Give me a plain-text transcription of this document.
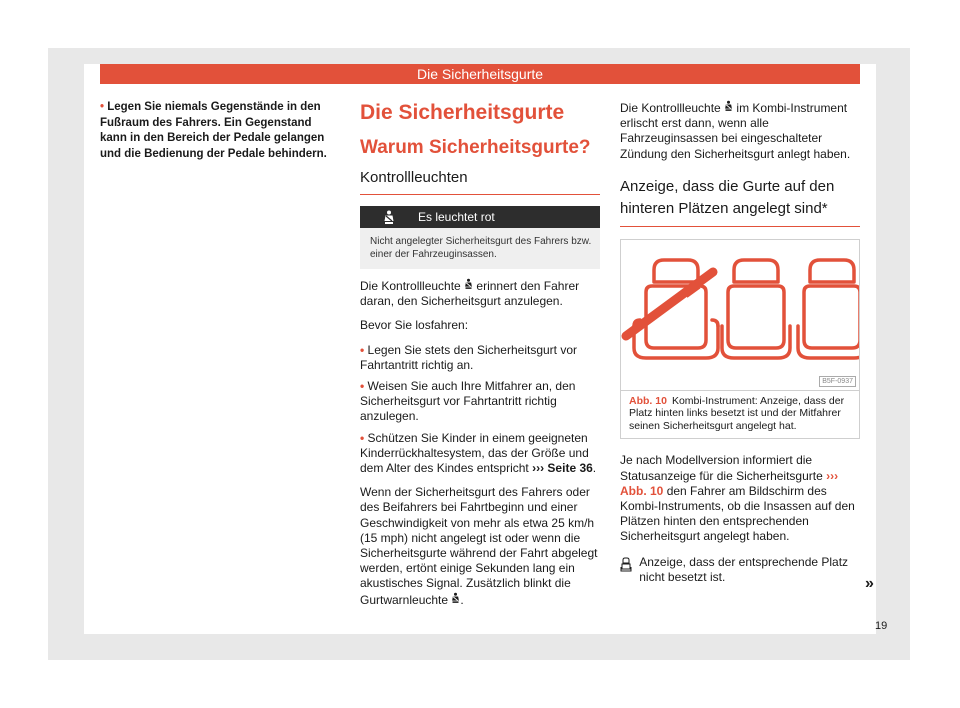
Die Sicherheitsgurte

• Legen Sie niemals Gegenstände in den Fußraum des Fahrers. Ein Gegenstand kann in den Bereich der Pedale gelangen und die Bedienung der Pedale behindern.

Die Sicherheitsgurte
Warum Sicherheitsgurte?
Kontrollleuchten
Es leuchtet rot
Nicht angelegter Sicherheitsgurt des Fahrers bzw. einer der Fahrzeuginsassen.

Die Kontrollleuchte erinnert den Fahrer daran, den Sicherheitsgurt anzulegen.

Bevor Sie losfahren:

• Legen Sie stets den Sicherheitsgurt vor Fahrtantritt richtig an.

• Weisen Sie auch Ihre Mitfahrer an, den Sicherheitsgurt vor Fahrtantritt richtig anzulegen.

• Schützen Sie Kinder in einem geeigneten Kinderrückhaltesystem, das der Größe und dem Alter des Kindes entspricht ››› Seite 36.

Wenn der Sicherheitsgurt des Fahrers oder des Beifahrers bei Fahrtbeginn und einer Geschwindigkeit von mehr als etwa 25 km/h (15 mph) nicht angelegt ist oder wenn die Sicherheitsgurte während der Fahrt abgelegt werden, ertönt einige Sekunden lang ein akustisches Signal. Zusätzlich blinkt die Gurtwarnleuchte .

Die Kontrollleuchte im Kombi-Instrument erlischt erst dann, wenn alle Fahrzeuginsassen bei eingeschalteter Zündung den Sicherheitsgurt anlegt haben.

Anzeige, dass die Gurte auf den hinteren Plätzen angelegt sind*
B5F-0937
Abb. 10 Kombi-Instrument: Anzeige, dass der Platz hinten links besetzt ist und der Mitfahrer seinen Sicherheitsgurt angelegt hat.

Je nach Modellversion informiert die Statusanzeige für die Sicherheitsgurte ››› Abb. 10 den Fahrer am Bildschirm des Kombi-Instruments, ob die Insassen auf den Plätzen hinten den entsprechenden Sicherheitsgurt angelegt haben.

Anzeige, dass der entsprechende Platz nicht besetzt ist.	»
19
